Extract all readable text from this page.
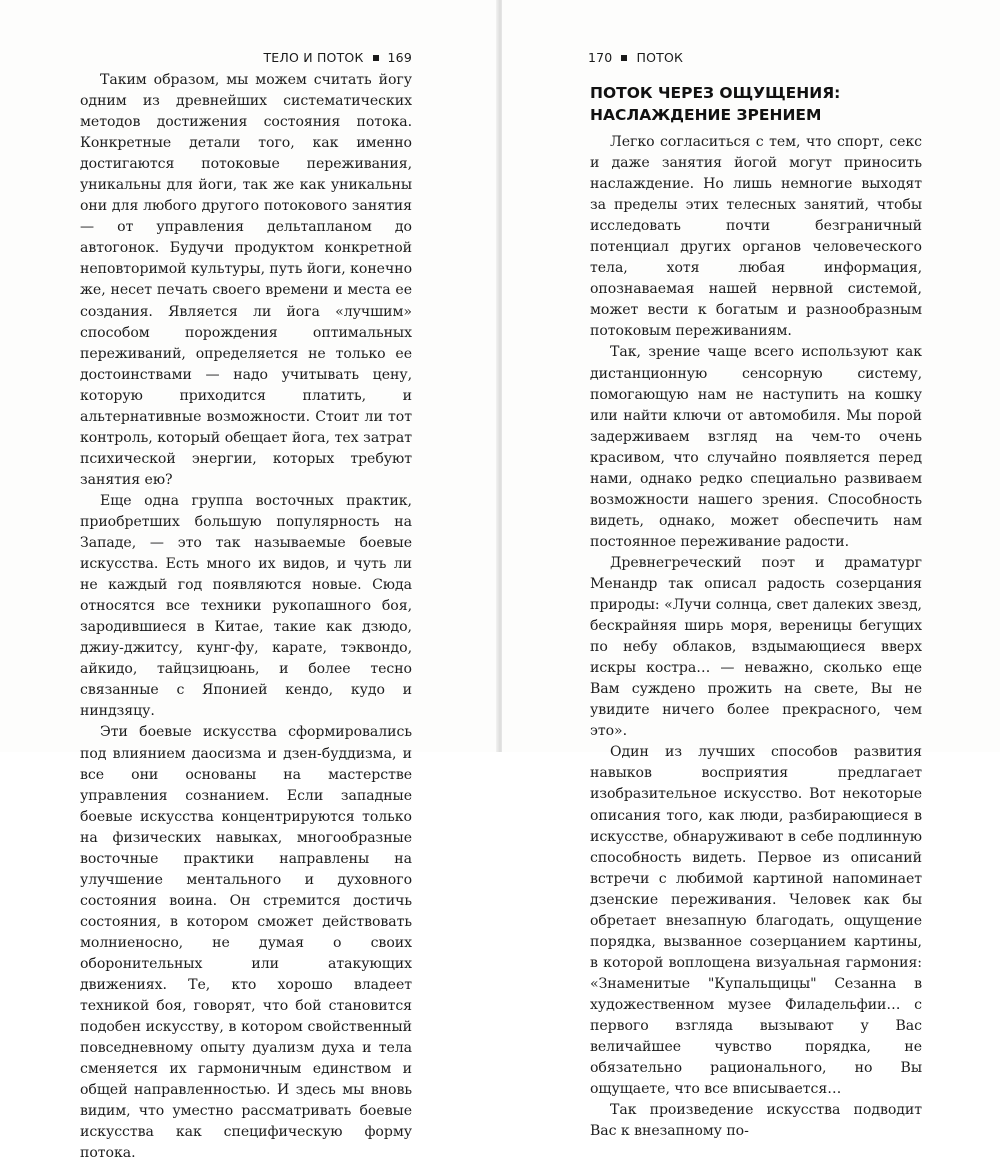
ТЕЛО И ПОТОК 169

Таким образом, мы можем считать йогу одним из древнейших систематических методов достижения состояния потока. Конкретные детали того, как именно достигаются потоковые переживания, уникальны для йоги, так же как уникальны они для любого другого потокового занятия — от управления дельтапланом до автогонок. Будучи продуктом конкретной неповторимой культуры, путь йоги, конечно же, несет печать своего времени и места ее создания. Является ли йога «лучшим» способом порождения оптимальных переживаний, определяется не только ее достоинствами — надо учитывать цену, которую приходится платить, и альтернативные возможности. Стоит ли тот контроль, который обещает йога, тех затрат психической энергии, которых требуют занятия ею?

Еще одна группа восточных практик, приобретших большую популярность на Западе, — это так называемые боевые искусства. Есть много их видов, и чуть ли не каждый год появляются новые. Сюда относятся все техники рукопашного боя, зародившиеся в Китае, такие как дзюдо, джиу-джитсу, кунг-фу, карате, тэквондо, айкидо, тайцзицюань, и более тесно связанные с Японией кендо, кудо и ниндзяцу.

Эти боевые искусства сформировались под влиянием даосизма и дзен-буддизма, и все они основаны на мастерстве управления сознанием. Если западные боевые искусства концентрируются только на физических навыках, многообразные восточные практики направлены на улучшение ментального и духовного состояния воина. Он стремится достичь состояния, в котором сможет действовать молниеносно, не думая о своих оборонительных или атакующих движениях. Те, кто хорошо владеет техникой боя, говорят, что бой становится подобен искусству, в котором свойственный повседневному опыту дуализм духа и тела сменяется их гармоничным единством и общей направленностью. И здесь мы вновь видим, что уместно рассматривать боевые искусства как специфическую форму потока.

170 ПОТОК
ПОТОК ЧЕРЕЗ ОЩУЩЕНИЯ:
НАСЛАЖДЕНИЕ ЗРЕНИЕМ

Легко согласиться с тем, что спорт, секс и даже занятия йогой могут приносить наслаждение. Но лишь немногие выходят за пределы этих телесных занятий, чтобы исследовать почти безграничный потенциал других органов человеческого тела, хотя любая информация, опознаваемая нашей нервной системой, может вести к богатым и разнообразным потоковым переживаниям.

Так, зрение чаще всего используют как дистанционную сенсорную систему, помогающую нам не наступить на кошку или найти ключи от автомобиля. Мы порой задерживаем взгляд на чем-то очень красивом, что случайно появляется перед нами, однако редко специально развиваем возможности нашего зрения. Способность видеть, однако, может обеспечить нам постоянное переживание радости.

Древнегреческий поэт и драматург Менандр так описал радость созерцания природы: «Лучи солнца, свет далеких звезд, бескрайняя ширь моря, вереницы бегущих по небу облаков, вздымающиеся вверх искры костра… — неважно, сколько еще Вам суждено прожить на свете, Вы не увидите ничего более прекрасного, чем это».

Один из лучших способов развития навыков восприятия предлагает изобразительное искусство. Вот некоторые описания того, как люди, разбирающиеся в искусстве, обнаруживают в себе подлинную способность видеть. Первое из описаний встречи с любимой картиной напоминает дзенские переживания. Человек как бы обретает внезапную благодать, ощущение порядка, вызванное созерцанием картины, в которой воплощена визуальная гармония: «Знаменитые "Купальщицы" Сезанна в художественном музее Филадельфии… с первого взгляда вызывают у Вас величайшее чувство порядка, не обязательно рационального, но Вы ощущаете, что все вписывается…

Так произведение искусства подводит Вас к внезапному по-
